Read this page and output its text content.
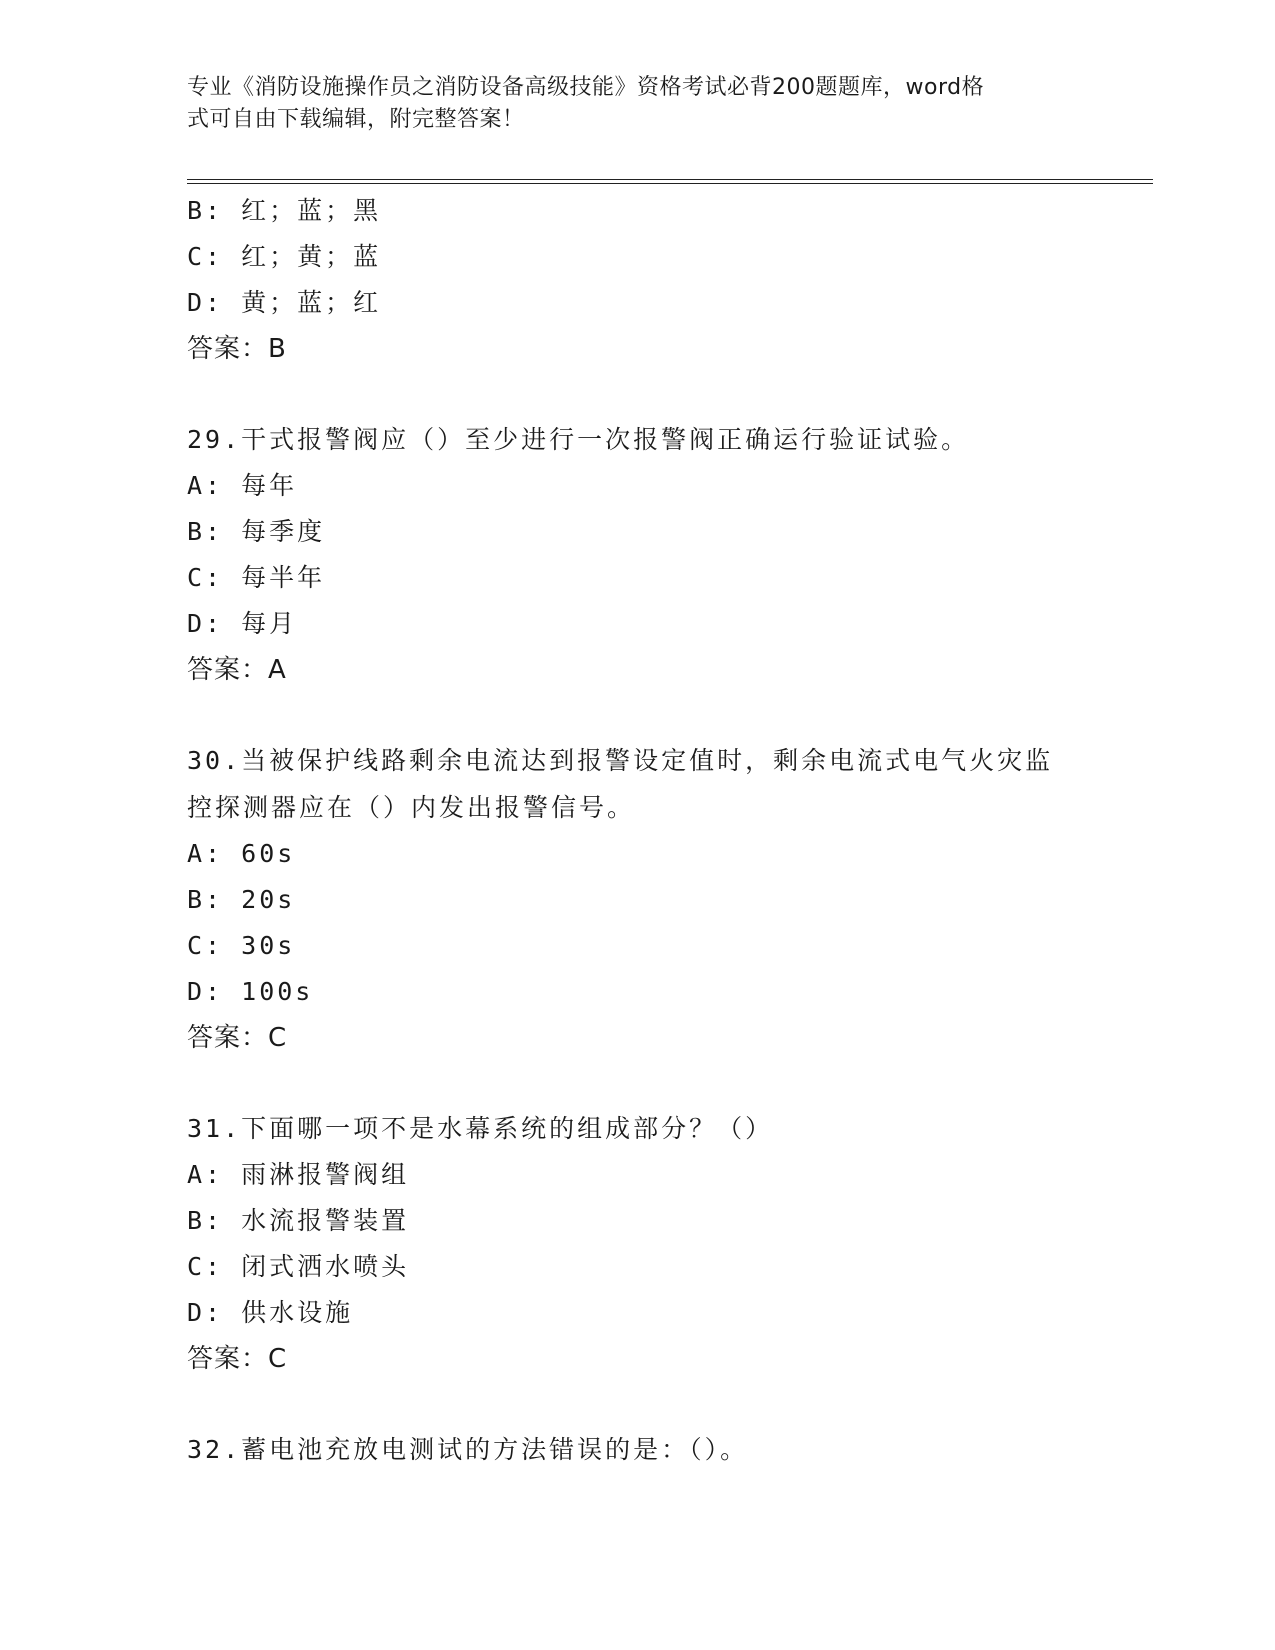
专业《消防设施操作员之消防设备高级技能》资格考试必背200题题库，word格
式可自由下载编辑，附完整答案！
B: 红；蓝；黑
C: 红；黄；蓝
D: 黄；蓝；红
答案：B
29.干式报警阀应（）至少进行一次报警阀正确运行验证试验。
A: 每年
B: 每季度
C: 每半年
D: 每月
答案：A
30.当被保护线路剩余电流达到报警设定值时，剩余电流式电气火灾监
控探测器应在（）内发出报警信号。
A: 60s
B: 20s
C: 30s
D: 100s
答案：C
31.下面哪一项不是水幕系统的组成部分？（）
A: 雨淋报警阀组
B: 水流报警装置
C: 闭式洒水喷头
D: 供水设施
答案：C
32.蓄电池充放电测试的方法错误的是：（）。
